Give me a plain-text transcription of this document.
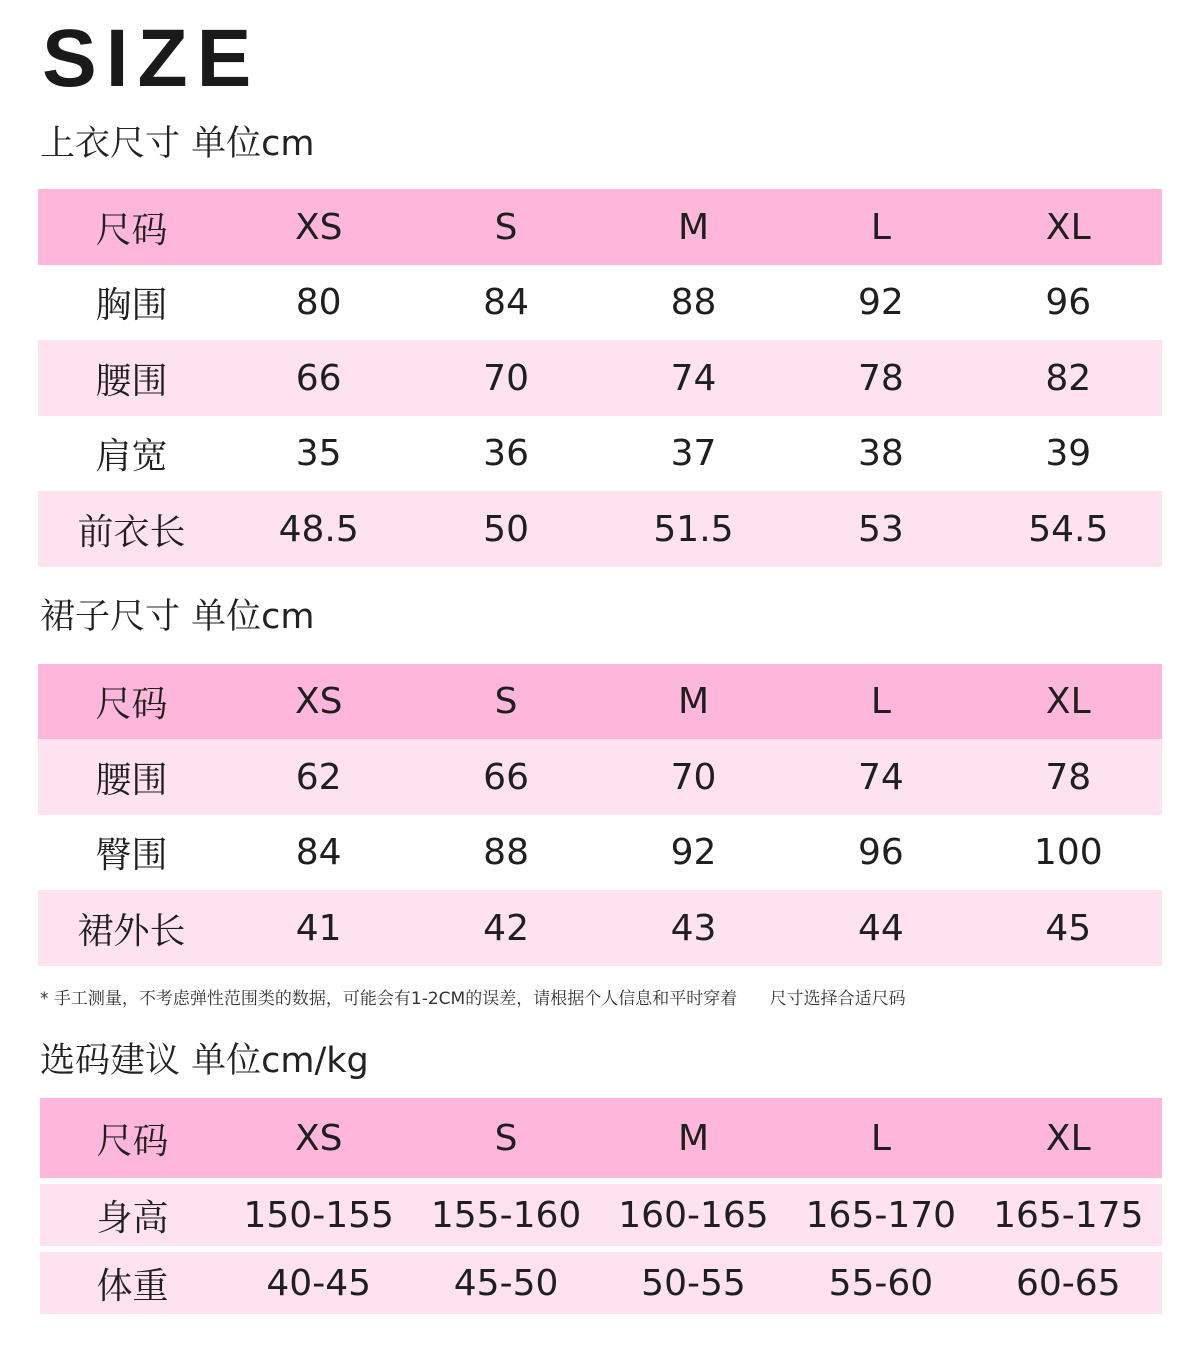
SIZE
上衣尺寸 单位cm
尺码	XS	S	M	L	XL
胸围	80	84	88	92	96
腰围	66	70	74	78	82
肩宽	35	36	37	38	39
前衣长	48.5	50	51.5	53	54.5
裙子尺寸 单位cm
尺码	XS	S	M	L	XL
腰围	62	66	70	74	78
臀围	84	88	92	96	100
裙外长	41	42	43	44	45
* 手工测量，不考虑弹性范围类的数据，可能会有1-2CM的误差，请根据个人信息和平时穿着      尺寸选择合适尺码
选码建议 单位cm/kg
尺码	XS	S	M	L	XL
身高	150-155	155-160	160-165	165-170	165-175
体重	40-45	45-50	50-55	55-60	60-65
